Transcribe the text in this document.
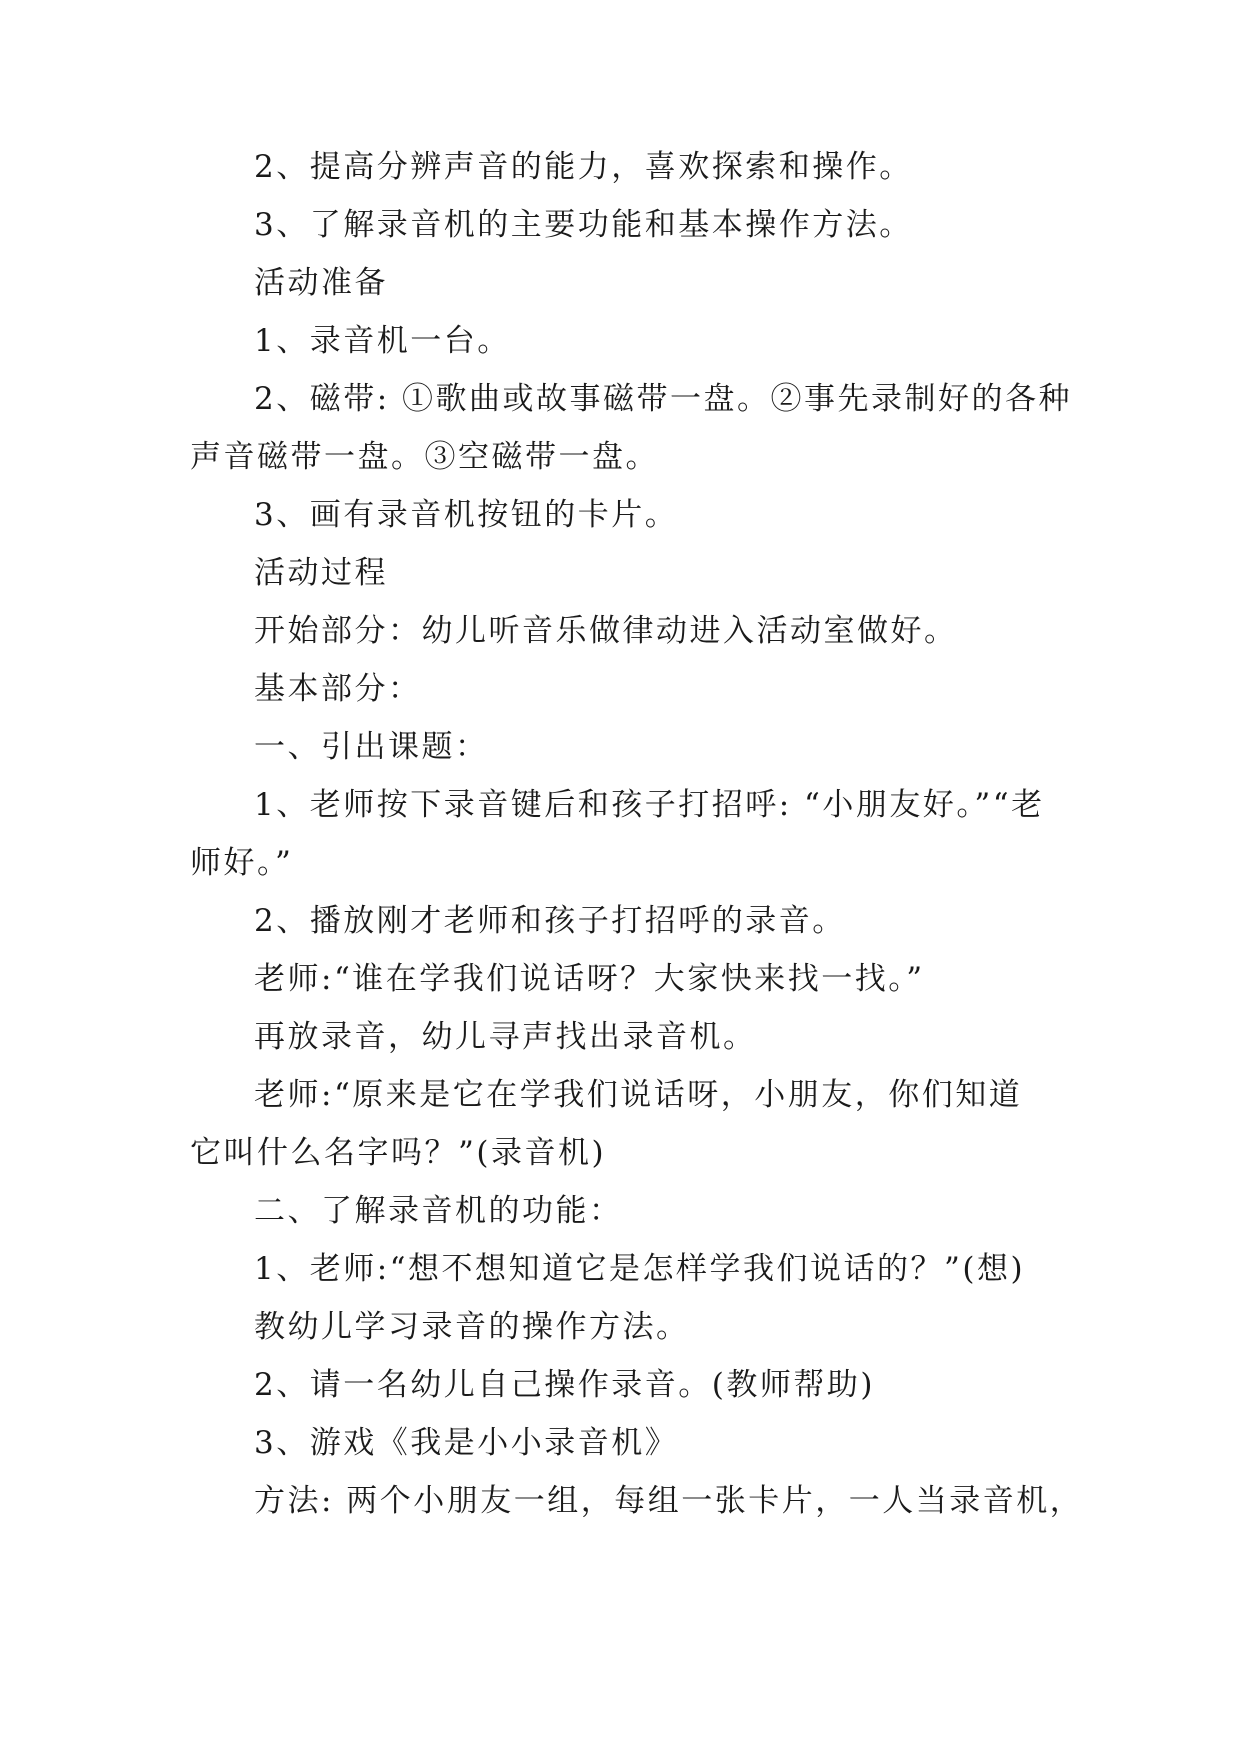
2、提高分辨声音的能力，喜欢探索和操作。

3、了解录音机的主要功能和基本操作方法。

活动准备

1、录音机一台。

2、磁带: ①歌曲或故事磁带一盘。②事先录制好的各种

声音磁带一盘。③空磁带一盘。

3、画有录音机按钮的卡片。

活动过程

开始部分：幼儿听音乐做律动进入活动室做好。

基本部分：

一、引出课题：

1、老师按下录音键后和孩子打招呼: “小朋友好。”“老

师好。”

2、播放刚才老师和孩子打招呼的录音。

老师:“谁在学我们说话呀？大家快来找一找。”

再放录音，幼儿寻声找出录音机。

老师:“原来是它在学我们说话呀，小朋友，你们知道

它叫什么名字吗？”(录音机)

二、了解录音机的功能：

1、老师:“想不想知道它是怎样学我们说话的？”(想)

教幼儿学习录音的操作方法。

2、请一名幼儿自己操作录音。(教师帮助)

3、游戏《我是小小录音机》

方法: 两个小朋友一组，每组一张卡片，一人当录音机，
